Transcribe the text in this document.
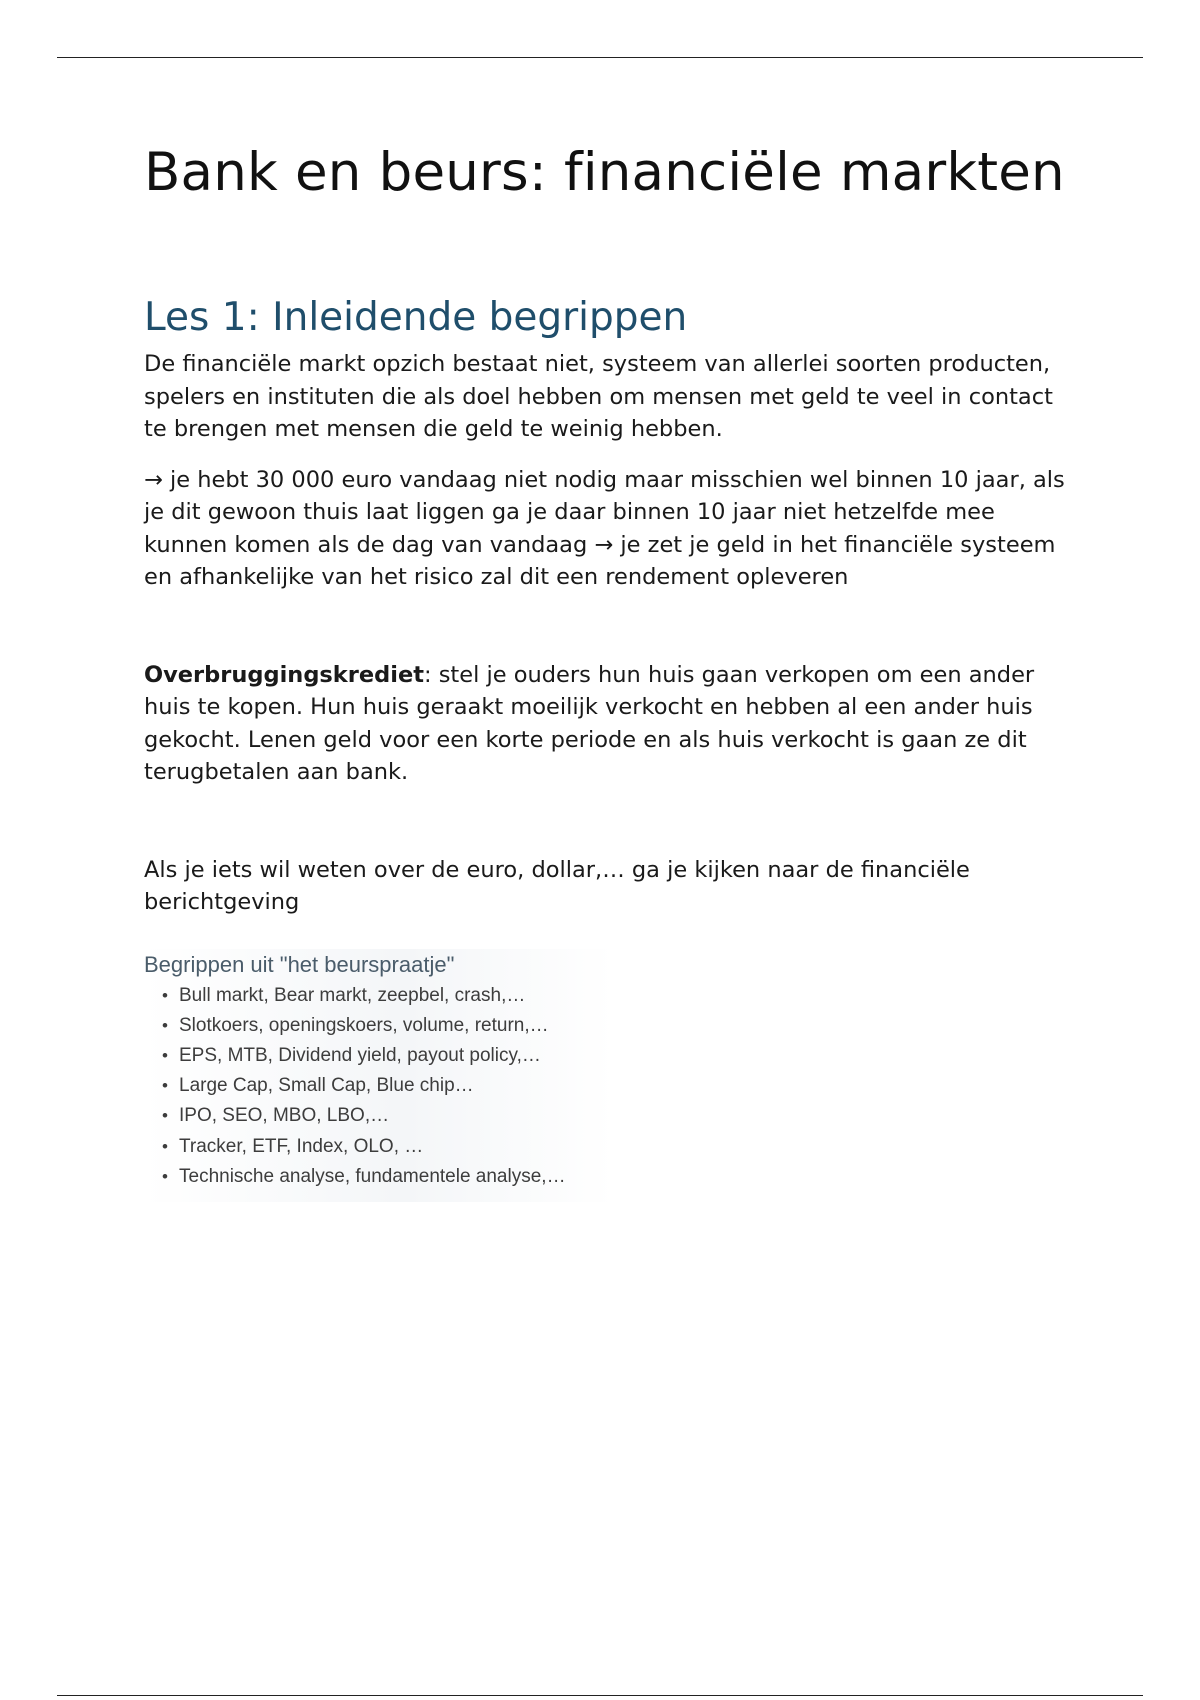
Bank en beurs: financiële markten
Les 1: Inleidende begrippen

De financiële markt opzich bestaat niet, systeem van allerlei soorten producten, spelers en instituten die als doel hebben om mensen met geld te veel in contact te brengen met mensen die geld te weinig hebben.

→ je hebt 30 000 euro vandaag niet nodig maar misschien wel binnen 10 jaar, als je dit gewoon thuis laat liggen ga je daar binnen 10 jaar niet hetzelfde mee kunnen komen als de dag van vandaag → je zet je geld in het financiële systeem en afhankelijke van het risico zal dit een rendement opleveren

Overbruggingskrediet: stel je ouders hun huis gaan verkopen om een ander huis te kopen. Hun huis geraakt moeilijk verkocht en hebben al een ander huis gekocht. Lenen geld voor een korte periode en als huis verkocht is gaan ze dit terugbetalen aan bank.

Als je iets wil weten over de euro, dollar,… ga je kijken naar de financiële berichtgeving

Begrippen uit "het beurspraatje"
• Bull markt, Bear markt, zeepbel, crash,…
• Slotkoers, openingskoers, volume, return,…
• EPS, MTB, Dividend yield, payout policy,…
• Large Cap, Small Cap, Blue chip…
• IPO, SEO, MBO, LBO,…
• Tracker, ETF, Index, OLO, …
• Technische analyse, fundamentele analyse,…
